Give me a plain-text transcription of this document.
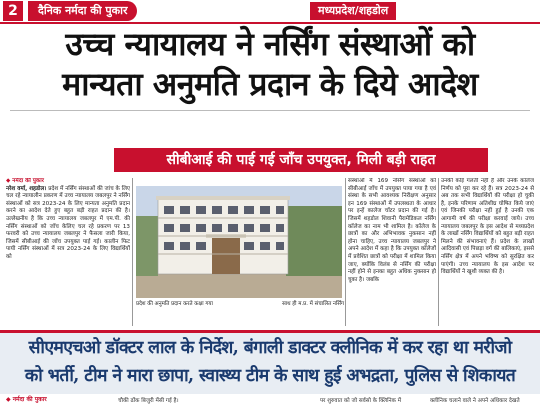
2	दैनिक नर्मदा की पुकार	मध्यप्रदेश/शहडोल
उच्च न्यायालय ने नर्सिंग संस्थाओं को
मान्यता अनुमति प्रदान के दिये आदेश
सीबीआई की पाई गई जाँच उपयुक्त, मिली बड़ी राहत
◆ नर्मदा की पुकार
नरेश वर्मा, शहडोल। प्रदेश में नर्सिंग संस्थाओं की जांच के लिए चल रहे न्यायालीन प्रकरण में उच्च न्यायालय जबलपुर ने नर्सिंग संस्थाओं को सत्र 2023-24 के लिए मान्यता अनुमति प्रदान करने का आदेश देते हुए बहुत बड़ी राहत प्रदान की है। उल्लेखनीय है कि उच्च न्यायालय जबलपुर में एम.पी. की नर्सिंग संस्थाओं को जाँच केलिए चल रहे प्रकरण पर 13 फरवरी को उच्च न्यायालय जबलपुर ने फैसला जारी किया, जिसमें सीबीआई की जाँच उपयुक्त पाई गई। कालीन फिट पायी नर्सिंग संस्थाओं में सत्र 2023-24 के लिए विद्यार्थियों को
प्रदेश की अनुमति प्रदान करते कक्षा गया	साथ ही म.प्र. में संचालित नर्सिंग
संस्थाओं में 169 नर्सिंग संस्थाओं को सीबीआई जाँच में उपयुक्त पाया गया है एवं संस्था के सभी आवश्यक निरीक्षण अनुसार इन 169 संस्थाओं में उपलब्धता के आधार पर इन्हें कालेज चॉटर प्रदान की गई है। जिसमें शहडोल शिवानी पैरामेडिकल नर्सिंग कॉलेज का नाम भी शामिल है। कॉलेज के छात्रों का और अभिभावक नुकसान नहीं होना चाहिए, उच्च न्यायालय जबलपुर ने अपने आदेश में कहा है कि उपयुक्त कॉलेजों में प्रवेशित छात्रों को परीक्षा में शामिल किया जाए, क्योंकि विलंब से नर्सिंग की परीक्षा नहीं होने से इनका बहुत अधिक नुकसान हो चुका है। जबकि
उनकी कोई गलती नहीं है और उनके कॉलेज निर्णय को पूरा कर रहे हैं। सत्र 2023-24 से अब तक सभी विद्यार्थियों की परीक्षा हो चुकी है, इनके परिणाम अतिशीघ्र घोषित किये जाएं एवं जिनकी परीक्षा नहीं हुई है उनकी एक आगामी वर्ष की परीक्षा करवाई जाये। उच्च न्यायालय जबलपुर के इस आदेश से मध्यप्रदेश के लाखों नर्सिंग विद्यार्थियों को बहुत बड़ी राहत मिलने की संभावनाएं हैं। प्रदेश के लाखों आदिवासी एवं पिछड़ा वर्ग की बालिकाएं, इससे नर्सिंग क्षेत्र में अपने भविष्य को सुरक्षित कर पाएंगी। उच्च न्यायालय के इस आदेश पर विद्यार्थियों ने खुशी व्यक्त की है।
सीएमएचओ डॉक्टर लाल के निर्देश, बंगाली डाक्टर क्लीनिक में कर रहा था मरीजो
को भर्ती, टीम ने मारा छापा, स्वास्थ्य टीम के साथ हुई अभद्रता, पुलिस से शिकायत
◆ नर्मदा की पुकार	चौकी ढोंक बिजुरी मेंसी गई है।	पर शुरुवात को जो सर्वसो के क्लिनिक में	क्लीनिक चलाने वाले ने अपने अधिकार देखते
